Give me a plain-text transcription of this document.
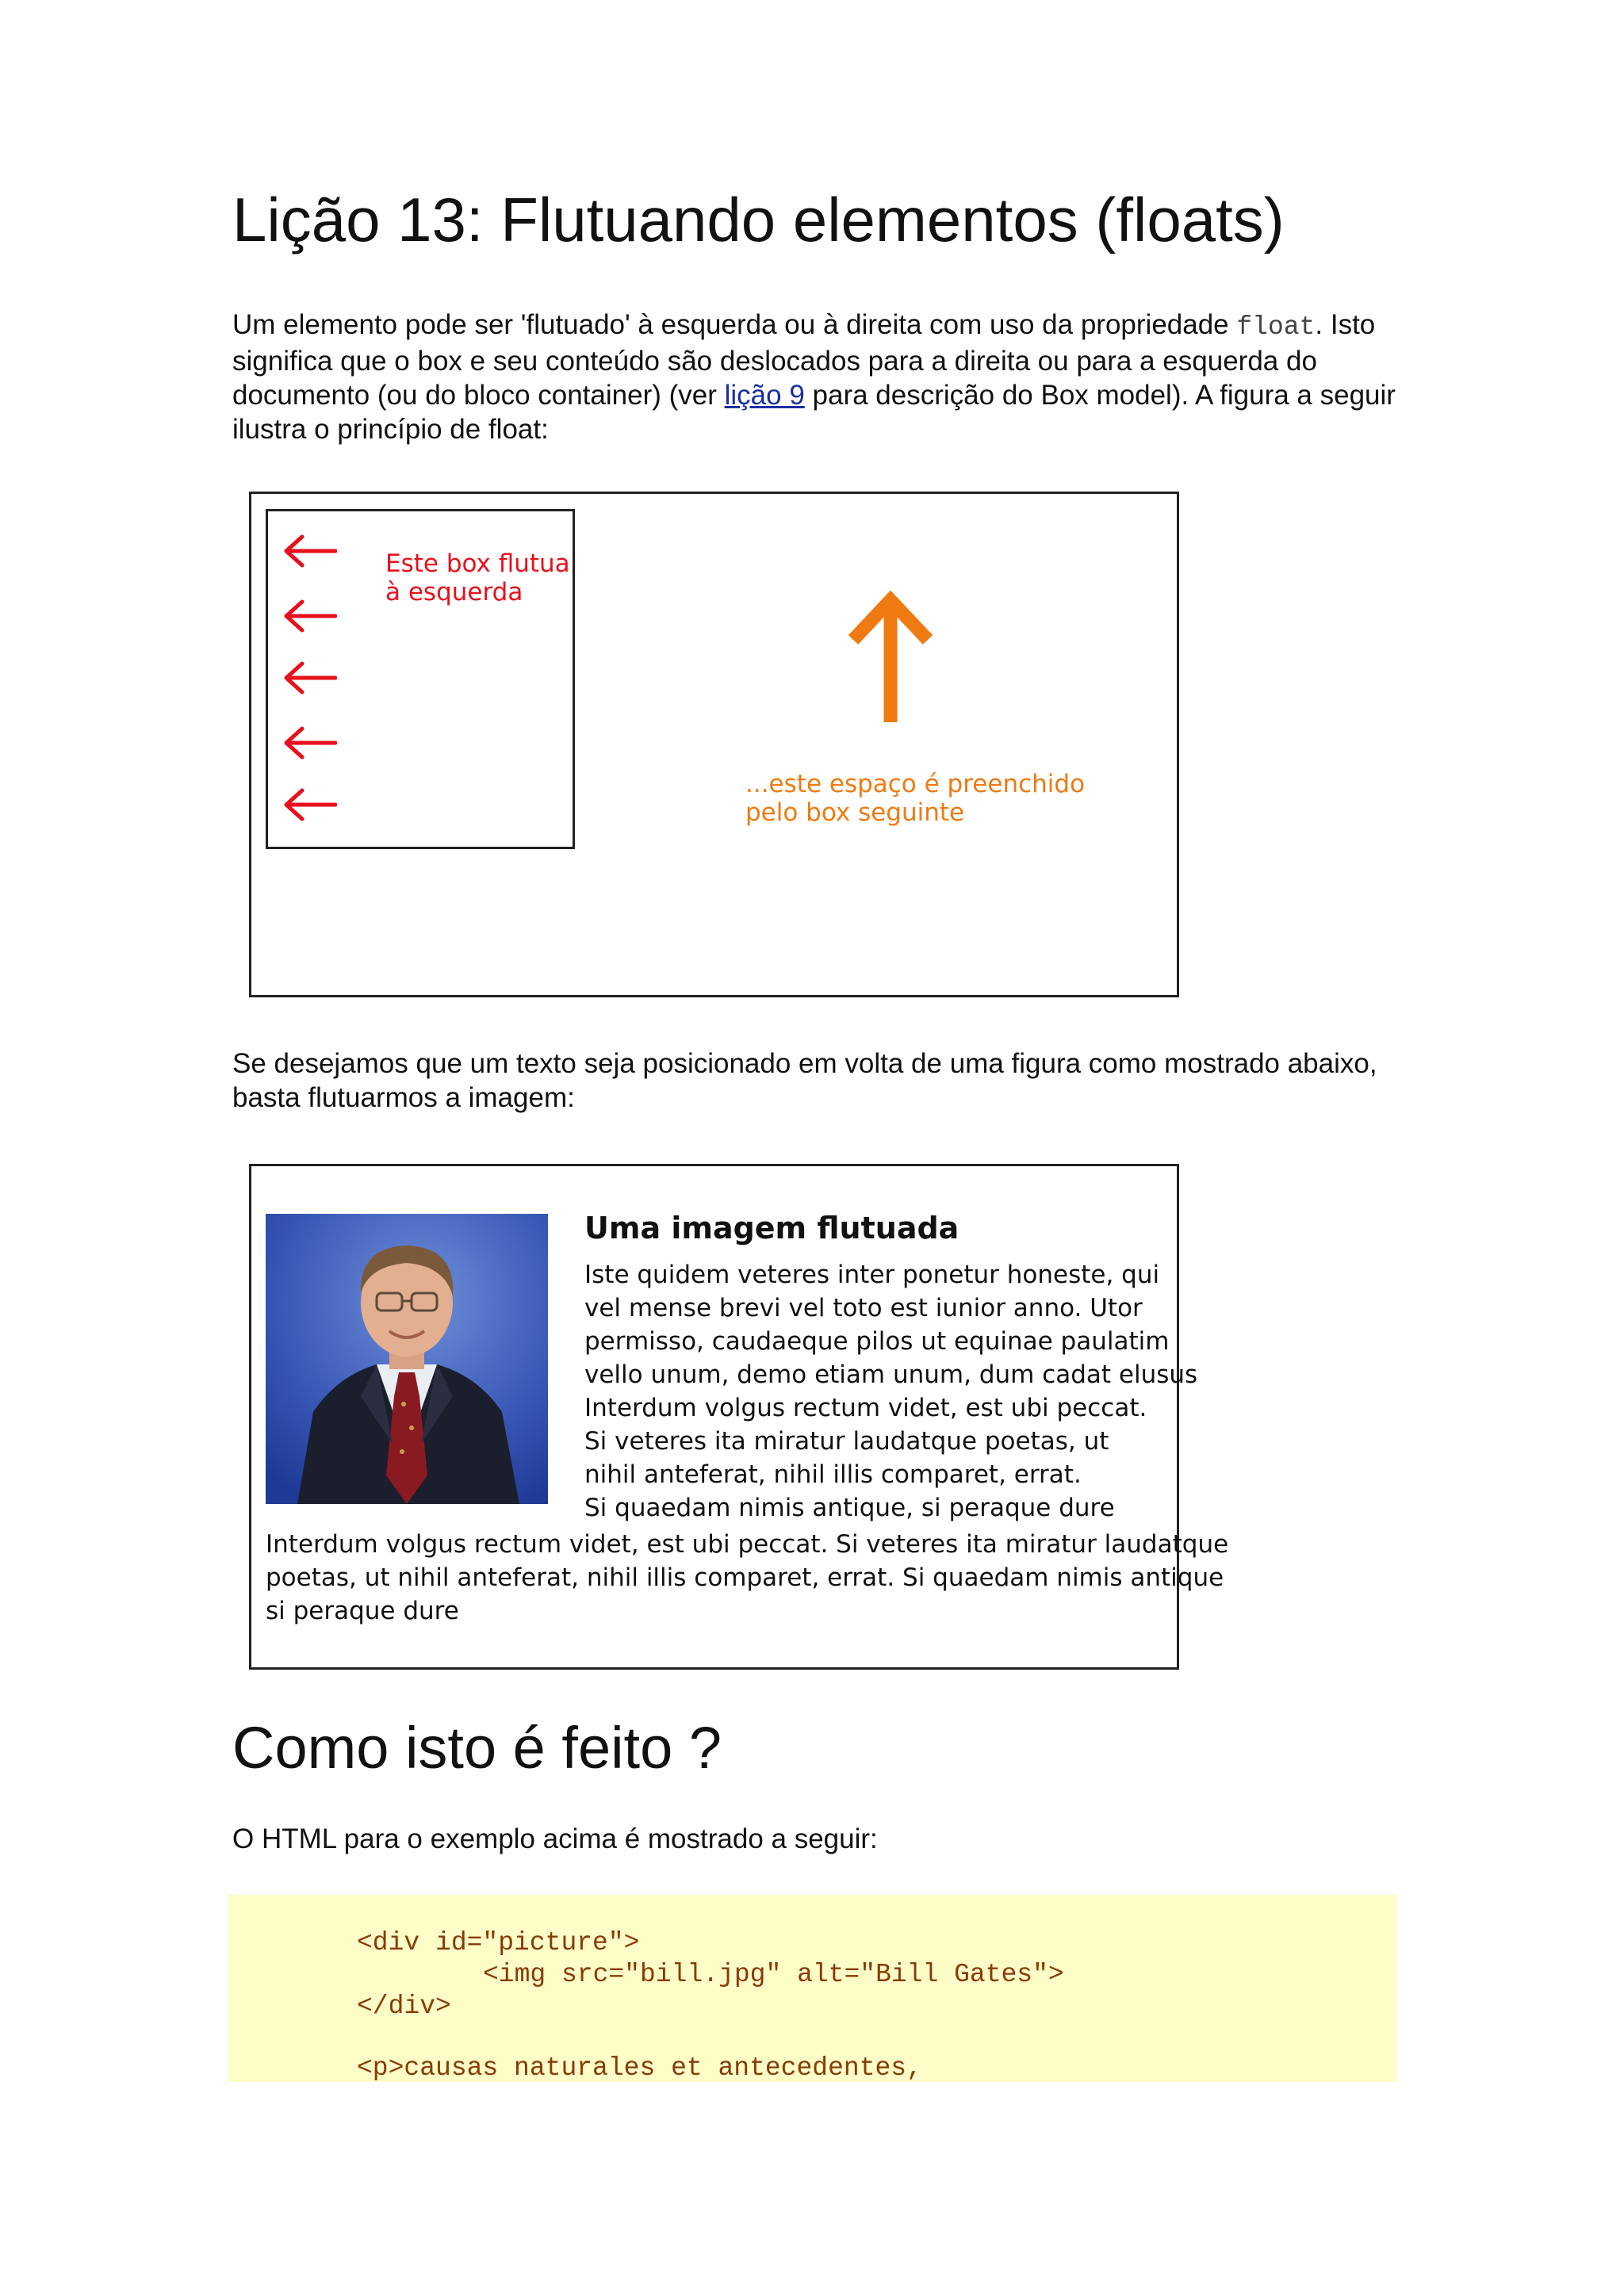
Lição 13: Flutuando elementos (floats)
Um elemento pode ser 'flutuado' à esquerda ou à direita com uso da propriedade float. Isto significa que o box e seu conteúdo são deslocados para a direita ou para a esquerda do documento (ou do bloco container) (ver lição 9 para descrição do Box model). A figura a seguir ilustra o princípio de float:
Este box flutua
à esquerda
...este espaço é preenchido
pelo box seguinte
Se desejamos que um texto seja posicionado em volta de uma figura como mostrado abaixo, basta flutuarmos a imagem:
Uma imagem flutuada
Iste quidem veteres inter ponetur honeste, qui
vel mense brevi vel toto est iunior anno. Utor
permisso, caudaeque pilos ut equinae paulatim
vello unum, demo etiam unum, dum cadat elusus
Interdum volgus rectum videt, est ubi peccat.
Si veteres ita miratur laudatque poetas, ut
nihil anteferat, nihil illis comparet, errat.
Si quaedam nimis antique, si peraque dure
Interdum volgus rectum videt, est ubi peccat. Si veteres ita miratur laudatque
poetas, ut nihil anteferat, nihil illis comparet, errat. Si quaedam nimis antique
si peraque dure
Como isto é feito ?
O HTML para o exemplo acima é mostrado a seguir:
<div id="picture">
<img src="bill.jpg" alt="Bill Gates">
</div>
<p>causas naturales et antecedentes,
